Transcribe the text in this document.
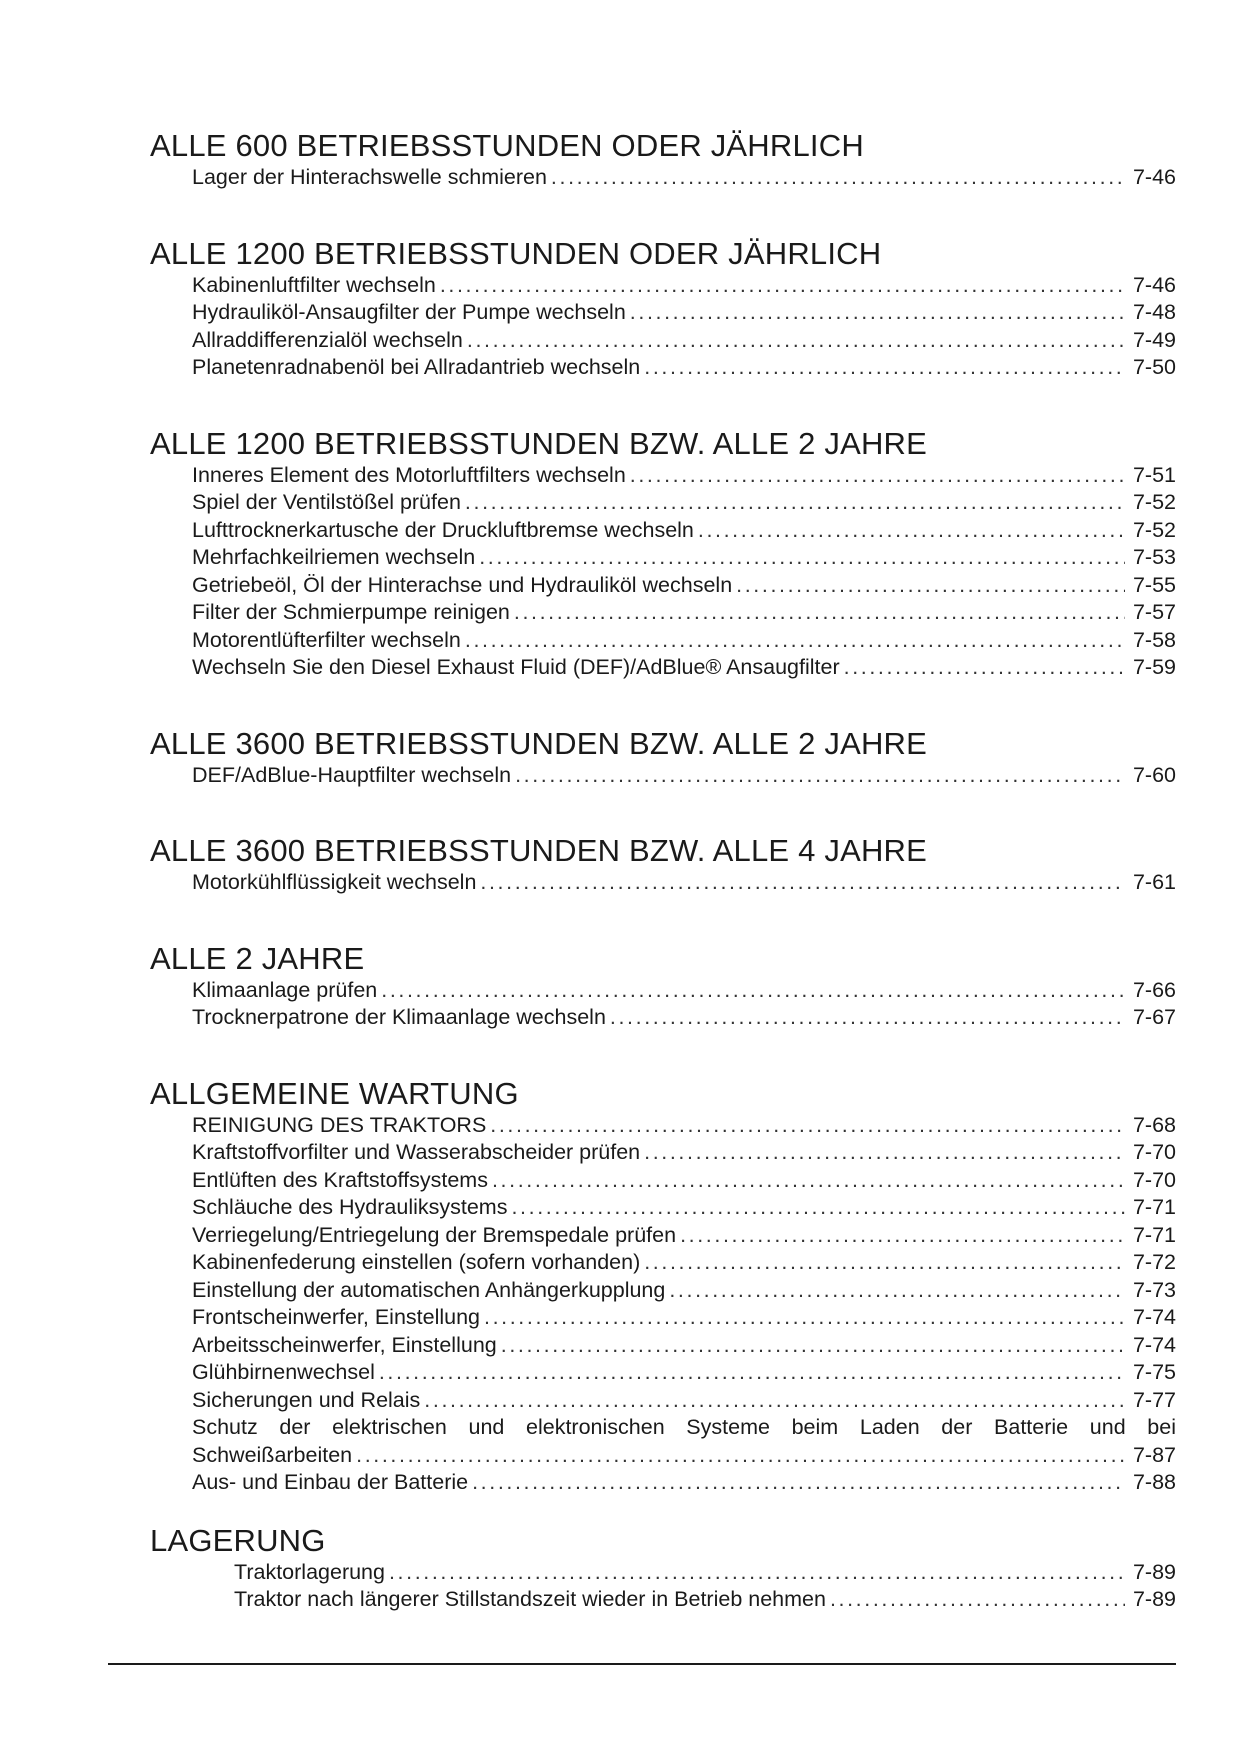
ALLE 600 BETRIEBSSTUNDEN ODER JÄHRLICH
Lager der Hinterachswelle schmieren .....	7-46
ALLE 1200 BETRIEBSSTUNDEN ODER JÄHRLICH
Kabinenluftfilter wechseln .....	7-46
Hydrauliköl-Ansaugfilter der Pumpe wechseln .....	7-48
Allraddifferenzialöl wechseln .....	7-49
Planetenradnabenöl bei Allradantrieb wechseln .....	7-50
ALLE 1200 BETRIEBSSTUNDEN BZW. ALLE 2 JAHRE
Inneres Element des Motorluftfilters wechseln .....	7-51
Spiel der Ventilstößel prüfen .....	7-52
Lufttrocknerkartusche der Druckluftbremse wechseln .....	7-52
Mehrfachkeilriemen wechseln .....	7-53
Getriebeöl, Öl der Hinterachse und Hydrauliköl wechseln .....	7-55
Filter der Schmierpumpe reinigen .....	7-57
Motorentlüfterfilter wechseln .....	7-58
Wechseln Sie den Diesel Exhaust Fluid (DEF)/AdBlue® Ansaugfilter .....	7-59
ALLE 3600 BETRIEBSSTUNDEN BZW. ALLE 2 JAHRE
DEF/AdBlue-Hauptfilter wechseln .....	7-60
ALLE 3600 BETRIEBSSTUNDEN BZW. ALLE 4 JAHRE
Motorkühlflüssigkeit wechseln .....	7-61
ALLE 2 JAHRE
Klimaanlage prüfen .....	7-66
Trocknerpatrone der Klimaanlage wechseln .....	7-67
ALLGEMEINE WARTUNG
REINIGUNG DES TRAKTORS .....	7-68
Kraftstoffvorfilter und Wasserabscheider prüfen .....	7-70
Entlüften des Kraftstoffsystems .....	7-70
Schläuche des Hydrauliksystems .....	7-71
Verriegelung/Entriegelung der Bremspedale prüfen .....	7-71
Kabinenfederung einstellen (sofern vorhanden) .....	7-72
Einstellung der automatischen Anhängerkupplung .....	7-73
Frontscheinwerfer, Einstellung .....	7-74
Arbeitsscheinwerfer, Einstellung .....	7-74
Glühbirnenwechsel .....	7-75
Sicherungen und Relais .....	7-77
Schutz der elektrischen und elektronischen Systeme beim Laden der Batterie und bei
Schweißarbeiten .....	7-87
Aus- und Einbau der Batterie .....	7-88
LAGERUNG
Traktorlagerung .....	7-89
Traktor nach längerer Stillstandszeit wieder in Betrieb nehmen .....	7-89
